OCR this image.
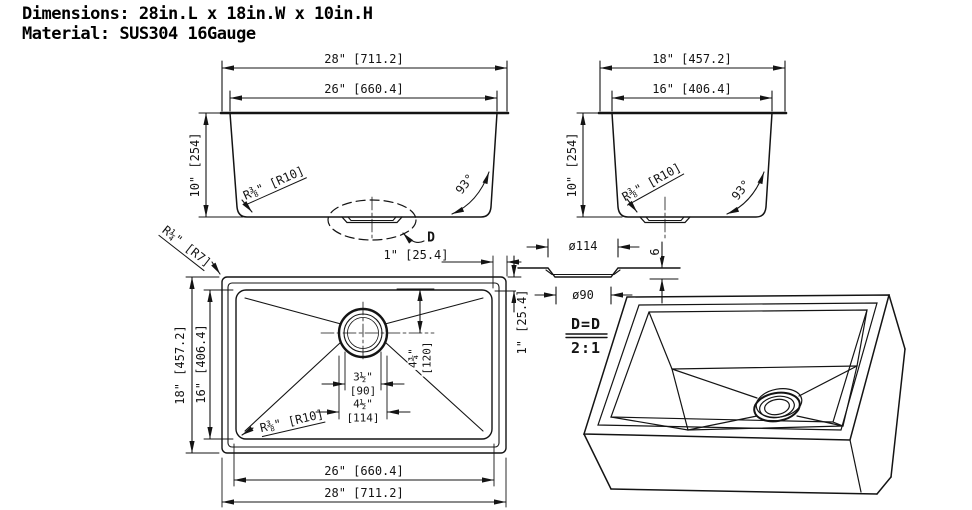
Dimensions: 28in.L x 18in.W x 10in.H
Material: SUS304 16Gauge
28" [711.2]
26" [660.4]
10" [254]	R⅜" [R10]	93°
D
18" [457.2]
16" [406.4]
10" [254]	R⅜" [R10]	93°
ø114
ø90
6
D=D
2:1
1" [25.4]
1" [25.4]
18" [457.2] 16" [406.4]
26" [660.4]
28" [711.2]
3½"
[90]
4½"
[114]
4¾" [120]
R¼" [R7]
R⅜" [R10]
